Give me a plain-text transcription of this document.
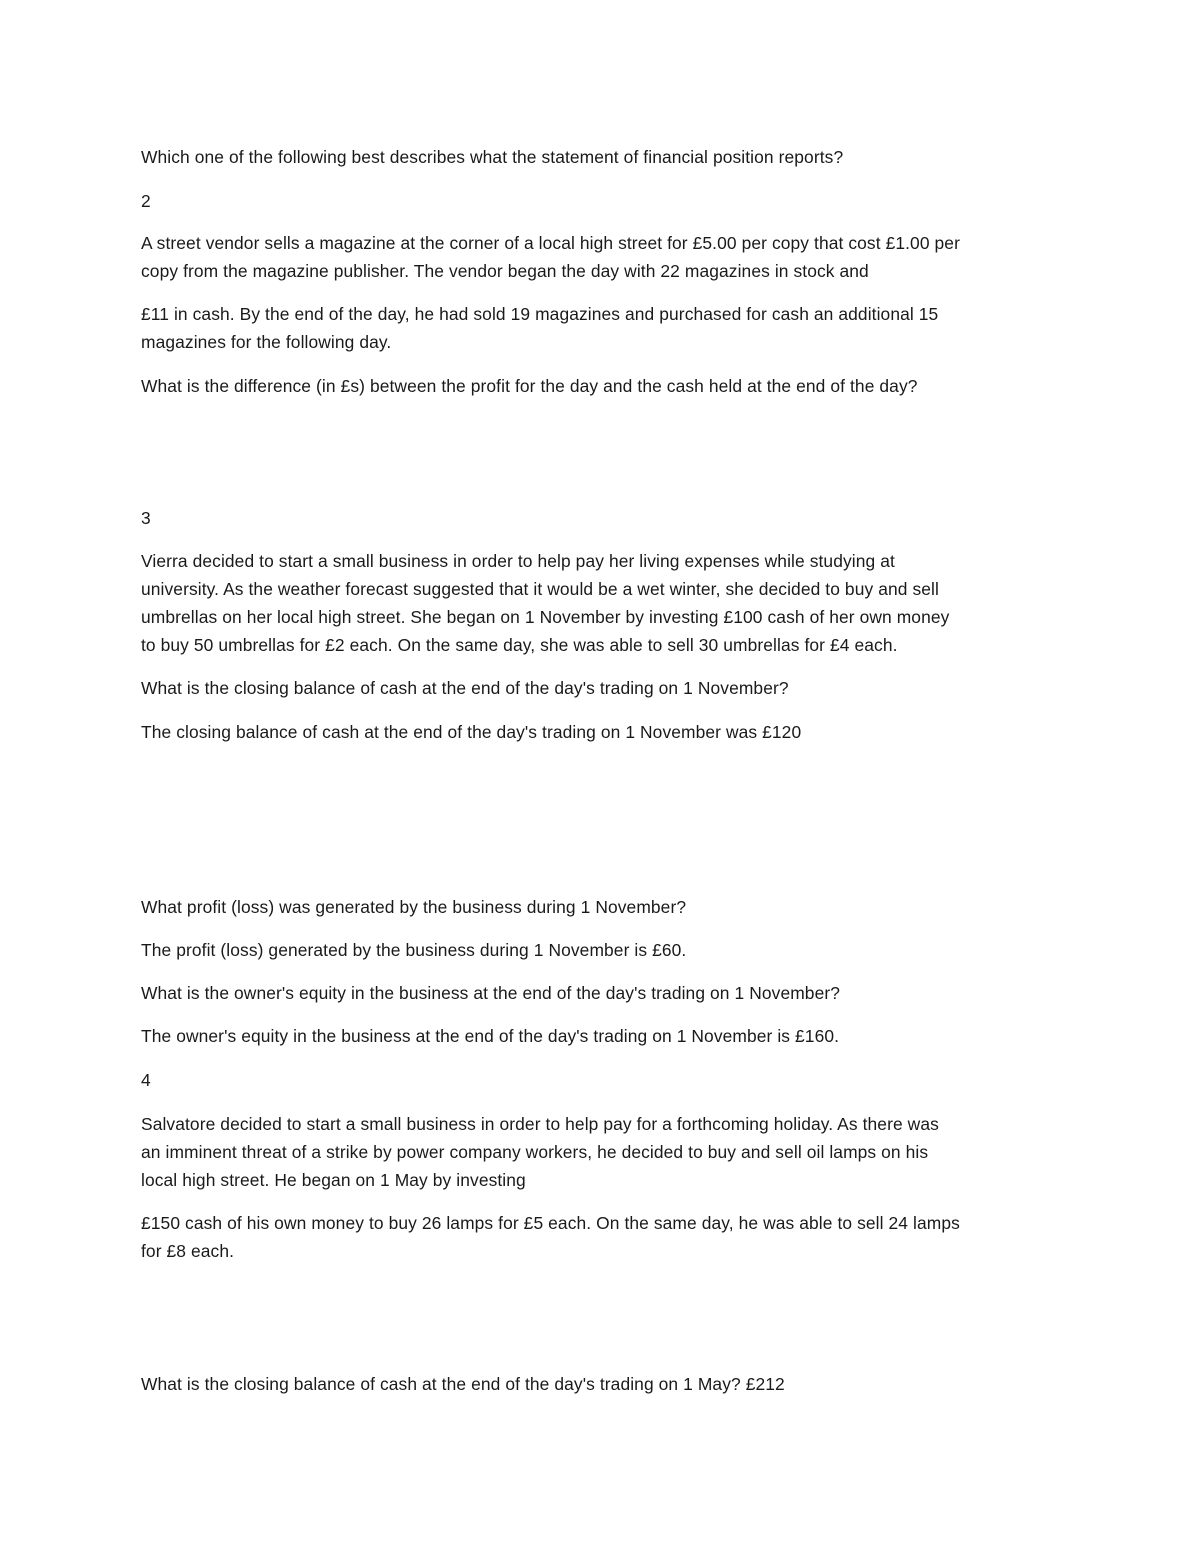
Which one of the following best describes what the statement of financial position reports?

2

A street vendor sells a magazine at the corner of a local high street for £5.00 per copy that cost £1.00 per

copy from the magazine publisher. The vendor began the day with 22 magazines in stock and

£11 in cash. By the end of the day, he had sold 19 magazines and purchased for cash an additional 15

magazines for the following day.

What is the difference (in £s) between the profit for the day and the cash held at the end of the day?

3

Vierra decided to start a small business in order to help pay her living expenses while studying at

university. As the weather forecast suggested that it would be a wet winter, she decided to buy and sell

umbrellas on her local high street. She began on 1 November by investing £100 cash of her own money

to buy 50 umbrellas for £2 each. On the same day, she was able to sell 30 umbrellas for £4 each.

What is the closing balance of cash at the end of the day's trading on 1 November?

The closing balance of cash at the end of the day's trading on 1 November was £120

What profit (loss) was generated by the business during 1 November?

The profit (loss) generated by the business during 1 November is £60.

What is the owner's equity in the business at the end of the day's trading on 1 November?

The owner's equity in the business at the end of the day's trading on 1 November is £160.

4

Salvatore decided to start a small business in order to help pay for a forthcoming holiday. As there was

an imminent threat of a strike by power company workers, he decided to buy and sell oil lamps on his

local high street. He began on 1 May by investing

£150 cash of his own money to buy 26 lamps for £5 each. On the same day, he was able to sell 24 lamps

for £8 each.

What is the closing balance of cash at the end of the day's trading on 1 May? £212
